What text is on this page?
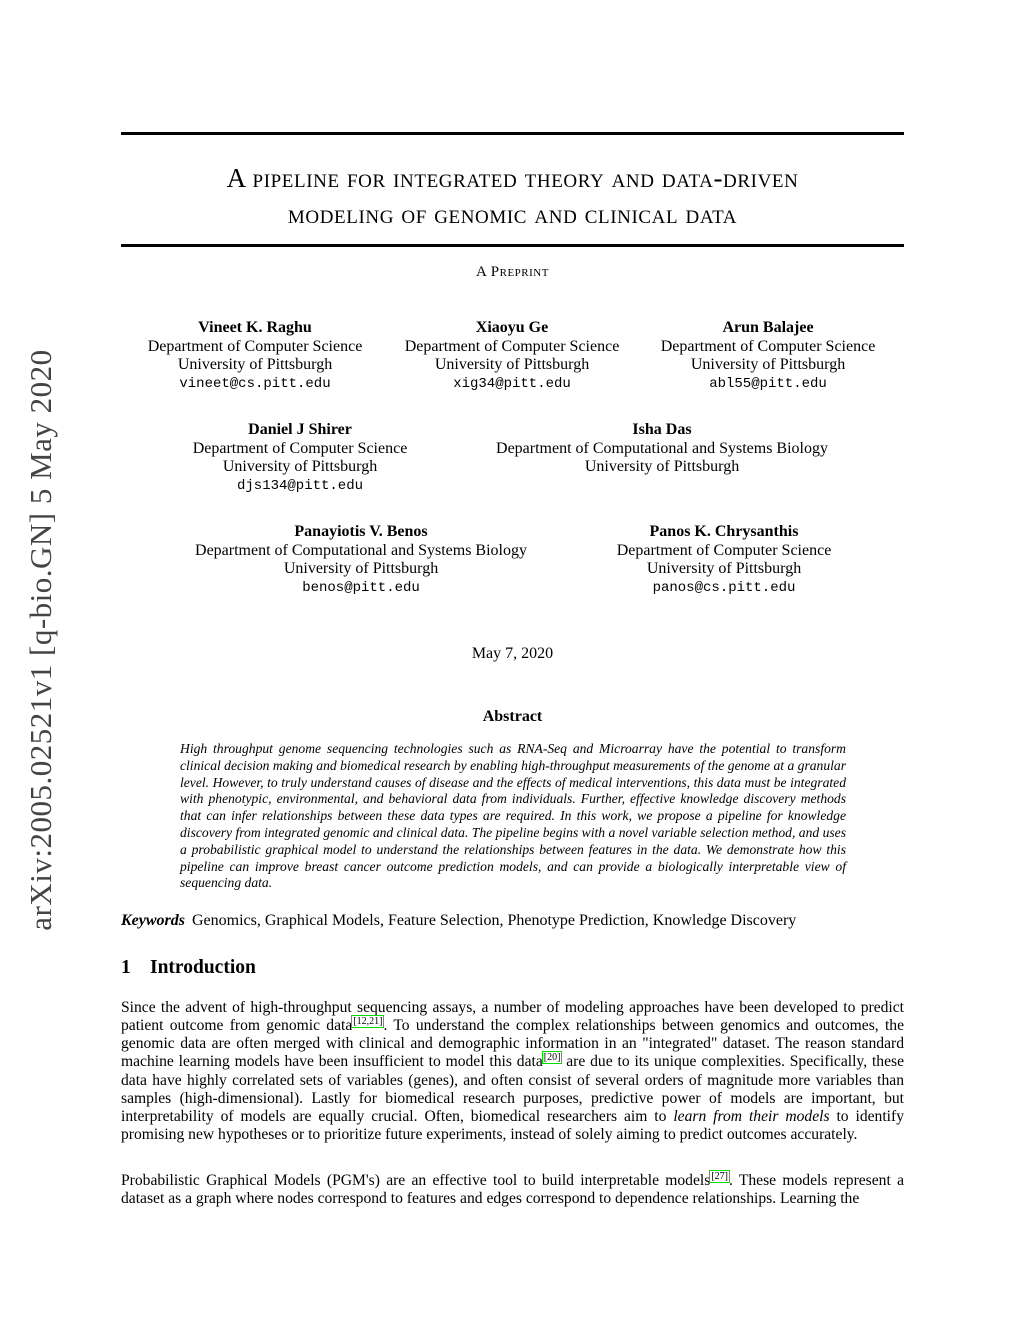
arXiv:2005.02521v1 [q-bio.GN] 5 May 2020
A pipeline for integrated theory and data-driven
modeling of genomic and clinical data
A Preprint
Vineet K. Raghu
Department of Computer Science
University of Pittsburgh
vineet@cs.pitt.edu
Xiaoyu Ge
Department of Computer Science
University of Pittsburgh
xig34@pitt.edu
Arun Balajee
Department of Computer Science
University of Pittsburgh
abl55@pitt.edu
Daniel J Shirer
Department of Computer Science
University of Pittsburgh
djs134@pitt.edu
Isha Das
Department of Computational and Systems Biology
University of Pittsburgh
Panayiotis V. Benos
Department of Computational and Systems Biology
University of Pittsburgh
benos@pitt.edu
Panos K. Chrysanthis
Department of Computer Science
University of Pittsburgh
panos@cs.pitt.edu
May 7, 2020
Abstract
High throughput genome sequencing technologies such as RNA-Seq and Microarray have the potential to transform clinical decision making and biomedical research by enabling high-throughput measurements of the genome at a granular level. However, to truly understand causes of disease and the effects of medical interventions, this data must be integrated with phenotypic, environmental, and behavioral data from individuals. Further, effective knowledge discovery methods that can infer relationships between these data types are required. In this work, we propose a pipeline for knowledge discovery from integrated genomic and clinical data. The pipeline begins with a novel variable selection method, and uses a probabilistic graphical model to understand the relationships between features in the data. We demonstrate how this pipeline can improve breast cancer outcome prediction models, and can provide a biologically interpretable view of sequencing data.
Keywords Genomics, Graphical Models, Feature Selection, Phenotype Prediction, Knowledge Discovery
1 Introduction

Since the advent of high-throughput sequencing assays, a number of modeling approaches have been developed to predict patient outcome from genomic data[12,21]. To understand the complex relationships between genomics and outcomes, the genomic data are often merged with clinical and demographic information in an "integrated" dataset. The reason standard machine learning models have been insufficient to model this data[20] are due to its unique complexities. Specifically, these data have highly correlated sets of variables (genes), and often consist of several orders of magnitude more variables than samples (high-dimensional). Lastly for biomedical research purposes, predictive power of models are important, but interpretability of models are equally crucial. Often, biomedical researchers aim to learn from their models to identify promising new hypotheses or to prioritize future experiments, instead of solely aiming to predict outcomes accurately.

Probabilistic Graphical Models (PGM's) are an effective tool to build interpretable models[27]. These models represent a dataset as a graph where nodes correspond to features and edges correspond to dependence relationships. Learning the
